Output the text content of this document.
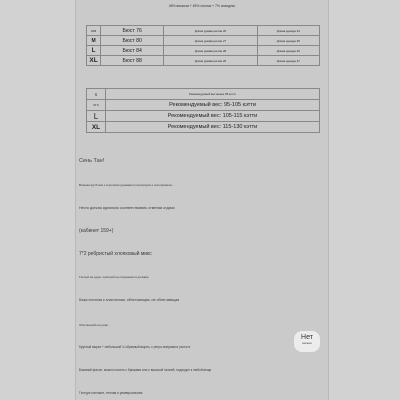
48% вискоза + 45% хлопок + 7% спандекс
S/M	Бюст 76	Длина рукава реглан 26	Длина одежды 44
M	Бюст 80	Длина рукава реглан 27	Длина одежды 45
L	Бюст 84	Длина рукава реглан 28	Длина одежды 46
XL	Бюст 88	Длина рукава реглан 29	Длина одежды 47
S	Рекомендуемый вес менее 95 котти
M S	Рекомендуемый вес: 95-105 кэтти
L	Рекомендуемый вес: 105-115 кэтти
XL	Рекомендуемый вес: 115-130 кэтти
Сень Тан!
Вязаная футболка с короткими рукавами в пропорциях и огантировкою...
Нечто догжна идеально соответствовать отметам отдачи
(кабинет 159+)
7*2 ребристый хлопковый микс
Тёплый на судно, приятной на сохранения в доливан
Кожа плотная к эластичная, облегчающая, не облегчающая
Облегающий на рукав
Круглый вырез + небольшой V-образный вырез, с ретро-вчерами в ухоно в
Базовый фасон, можно носить с брюками или с высокой талией, подходит к любой вещи
Гэстуре контакте, теплая и универсальная
Нет
вязанка
